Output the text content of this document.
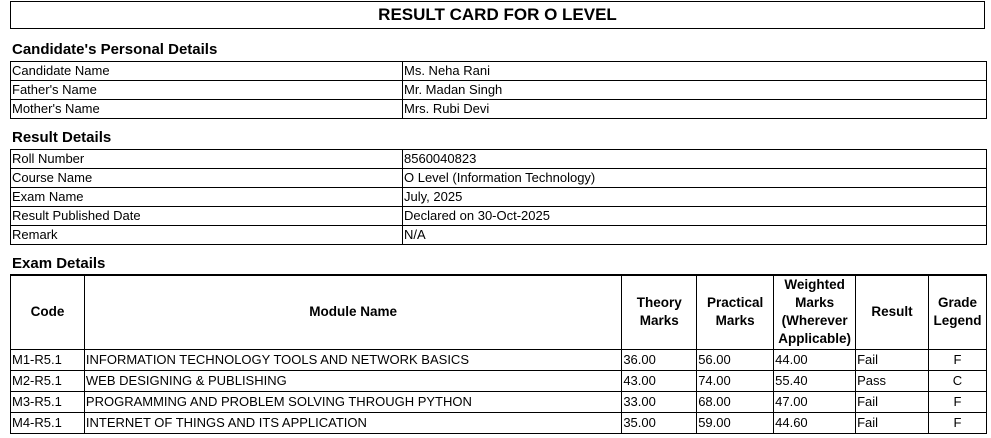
RESULT CARD FOR O LEVEL
Candidate's Personal Details
Candidate Name	Ms. Neha Rani
Father's Name	Mr. Madan Singh
Mother's Name	Mrs. Rubi Devi
Result Details
Roll Number	8560040823
Course Name	O Level (Information Technology)
Exam Name	July, 2025
Result Published Date	Declared on 30-Oct-2025
Remark	N/A
Exam Details
Code	Module Name	Theory Marks	Practical Marks	Weighted Marks (Wherever Applicable)	Result	Grade Legend
M1-R5.1	INFORMATION TECHNOLOGY TOOLS AND NETWORK BASICS	36.00	56.00	44.00	Fail	F
M2-R5.1	WEB DESIGNING & PUBLISHING	43.00	74.00	55.40	Pass	C
M3-R5.1	PROGRAMMING AND PROBLEM SOLVING THROUGH PYTHON	33.00	68.00	47.00	Fail	F
M4-R5.1	INTERNET OF THINGS AND ITS APPLICATION	35.00	59.00	44.60	Fail	F
